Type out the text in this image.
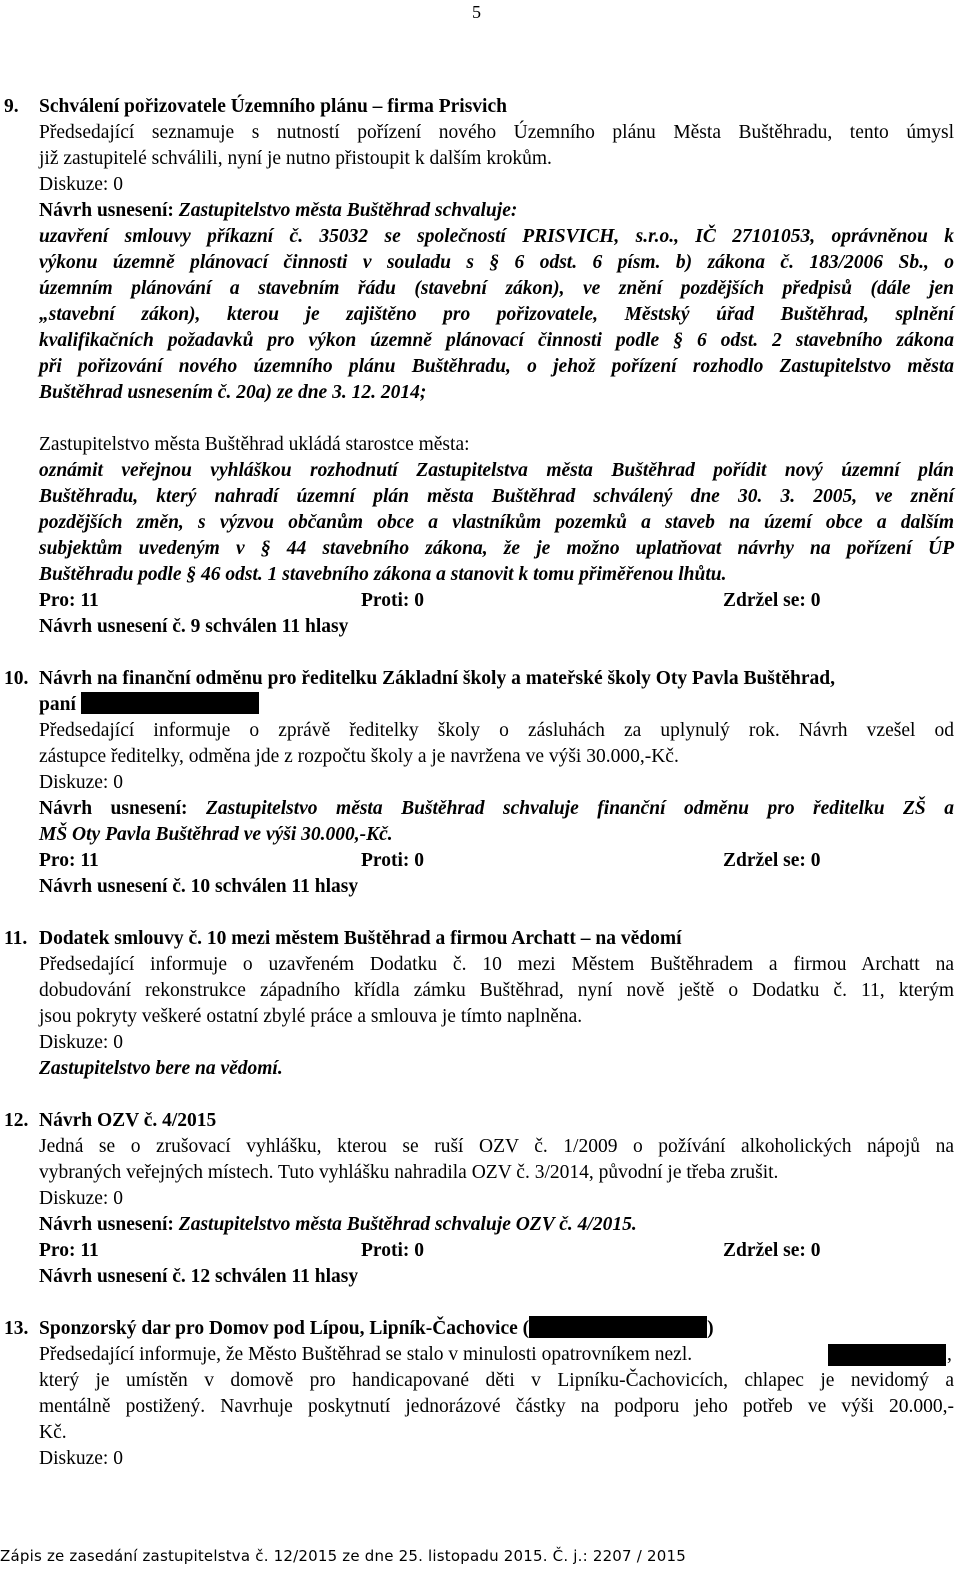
5
9. Schválení pořizovatele Územního plánu – firma Prisvich
Předsedající seznamuje s nutností pořízení nového Územního plánu Města Buštěhradu, tento úmysl
již zastupitelé schválili, nyní je nutno přistoupit k dalším krokům.
Diskuze: 0
Návrh usnesení: Zastupitelstvo města Buštěhrad schvaluje:
uzavření smlouvy příkazní č. 35032 se společností PRISVICH, s.r.o., IČ 27101053, oprávněnou k
výkonu územně plánovací činnosti v souladu s § 6 odst. 6 písm. b) zákona č. 183/2006 Sb., o
územním plánování a stavebním řádu (stavební zákon), ve znění pozdějších předpisů (dále jen
„stavební zákon), kterou je zajištěno pro pořizovatele, Městský úřad Buštěhrad, splnění
kvalifikačních požadavků pro výkon územně plánovací činnosti podle § 6 odst. 2 stavebního zákona
při pořizování nového územního plánu Buštěhradu, o jehož pořízení rozhodlo Zastupitelstvo města
Buštěhrad usnesením č. 20a) ze dne 3. 12. 2014;
Zastupitelstvo města Buštěhrad ukládá starostce města:
oznámit veřejnou vyhláškou rozhodnutí Zastupitelstva města Buštěhrad pořídit nový územní plán
Buštěhradu, který nahradí územní plán města Buštěhrad schválený dne 30. 3. 2005, ve znění
pozdějších změn, s výzvou občanům obce a vlastníkům pozemků a staveb na území obce a dalším
subjektům uvedeným v § 44 stavebního zákona, že je možno uplatňovat návrhy na pořízení ÚP
Buštěhradu podle § 46 odst. 1 stavebního zákona a stanovit k tomu přiměřenou lhůtu.
Pro: 11	Proti: 0	Zdržel se: 0
Návrh usnesení č. 9 schválen 11 hlasy
10. Návrh na finanční odměnu pro ředitelku Základní školy a mateřské školy Oty Pavla Buštěhrad,
paní
Předsedající informuje o zprávě ředitelky školy o zásluhách za uplynulý rok. Návrh vzešel od
zástupce ředitelky, odměna jde z rozpočtu školy a je navržena ve výši 30.000,-Kč.
Diskuze: 0
Návrh usnesení: Zastupitelstvo města Buštěhrad schvaluje finanční odměnu pro ředitelku ZŠ a
MŠ Oty Pavla Buštěhrad ve výši 30.000,-Kč.
Pro: 11	Proti: 0	Zdržel se: 0
Návrh usnesení č. 10 schválen 11 hlasy
11. Dodatek smlouvy č. 10 mezi městem Buštěhrad a firmou Archatt – na vědomí
Předsedající informuje o uzavřeném Dodatku č. 10 mezi Městem Buštěhradem a firmou Archatt na
dobudování rekonstrukce západního křídla zámku Buštěhrad, nyní nově ještě o Dodatku č. 11, kterým
jsou pokryty veškeré ostatní zbylé práce a smlouva je tímto naplněna.
Diskuze: 0
Zastupitelstvo bere na vědomí.
12. Návrh OZV č. 4/2015
Jedná se o zrušovací vyhlášku, kterou se ruší OZV č. 1/2009 o požívání alkoholických nápojů na
vybraných veřejných místech. Tuto vyhlášku nahradila OZV č. 3/2014, původní je třeba zrušit.
Diskuze: 0
Návrh usnesení: Zastupitelstvo města Buštěhrad schvaluje OZV č. 4/2015.
Pro: 11	Proti: 0	Zdržel se: 0
Návrh usnesení č. 12 schválen 11 hlasy
13. Sponzorský dar pro Domov pod Lípou, Lipník-Čachovice (	)
Předsedající informuje, že Město Buštěhrad se stalo v minulosti opatrovníkem nezl.	,
který je umístěn v domově pro handicapované děti v Lipníku-Čachovicích, chlapec je nevidomý a
mentálně postižený. Navrhuje poskytnutí jednorázové částky na podporu jeho potřeb ve výši 20.000,-
Kč.
Diskuze: 0
Zápis ze zasedání zastupitelstva č. 12/2015 ze dne 25. listopadu 2015. Č. j.: 2207 / 2015
